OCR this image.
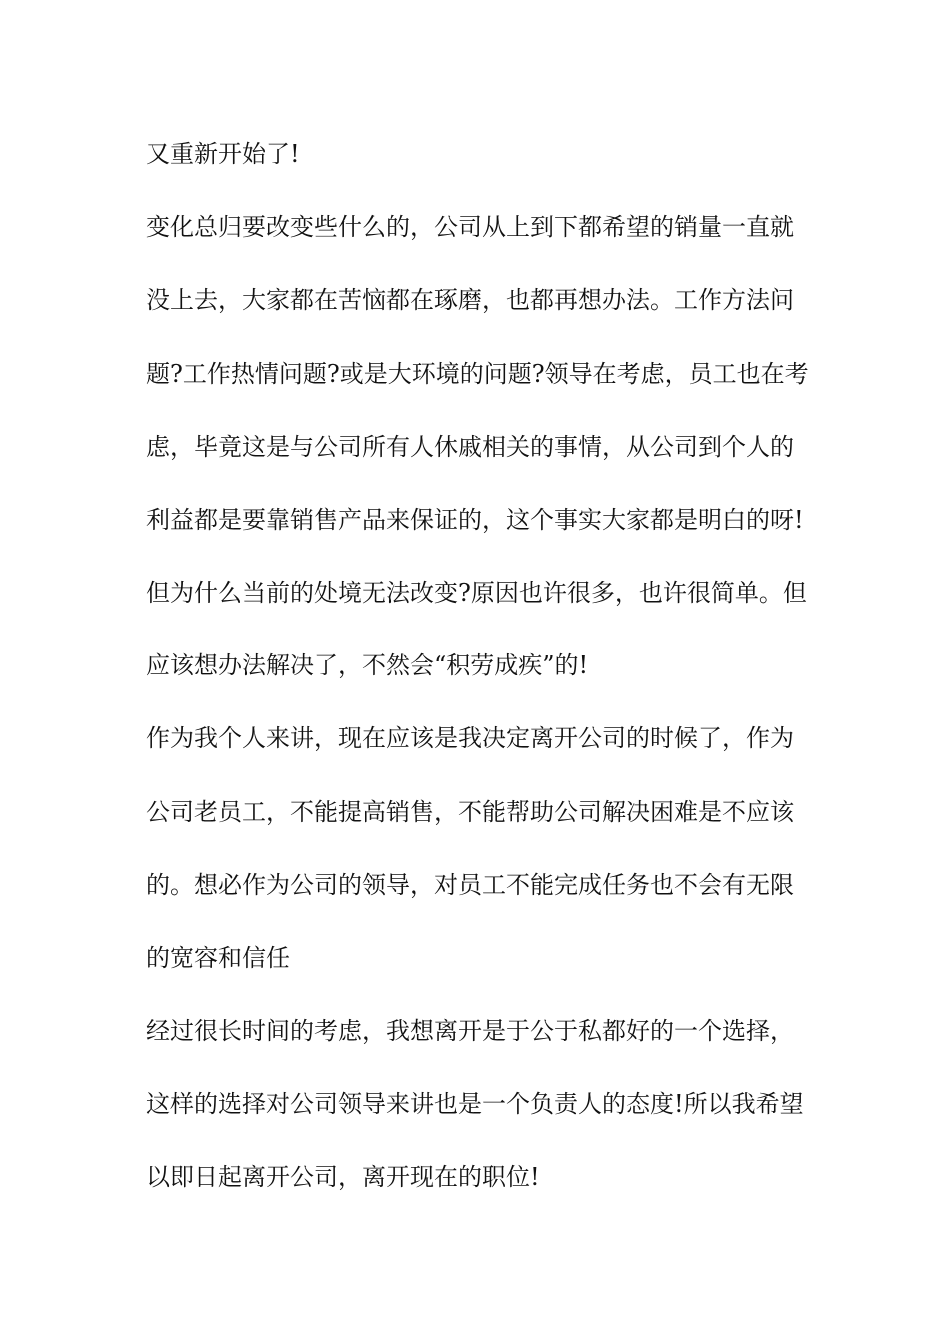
又重新开始了!
变化总归要改变些什么的，公司从上到下都希望的销量一直就
没上去，大家都在苦恼都在琢磨，也都再想办法。工作方法问
题?工作热情问题?或是大环境的问题?领导在考虑，员工也在考
虑，毕竟这是与公司所有人休戚相关的事情，从公司到个人的
利益都是要靠销售产品来保证的，这个事实大家都是明白的呀!
但为什么当前的处境无法改变?原因也许很多，也许很简单。但
应该想办法解决了，不然会“积劳成疾”的!
作为我个人来讲，现在应该是我决定离开公司的时候了，作为
公司老员工，不能提高销售，不能帮助公司解决困难是不应该
的。想必作为公司的领导，对员工不能完成任务也不会有无限
的宽容和信任
经过很长时间的考虑，我想离开是于公于私都好的一个选择，
这样的选择对公司领导来讲也是一个负责人的态度!所以我希望
以即日起离开公司，离开现在的职位!
